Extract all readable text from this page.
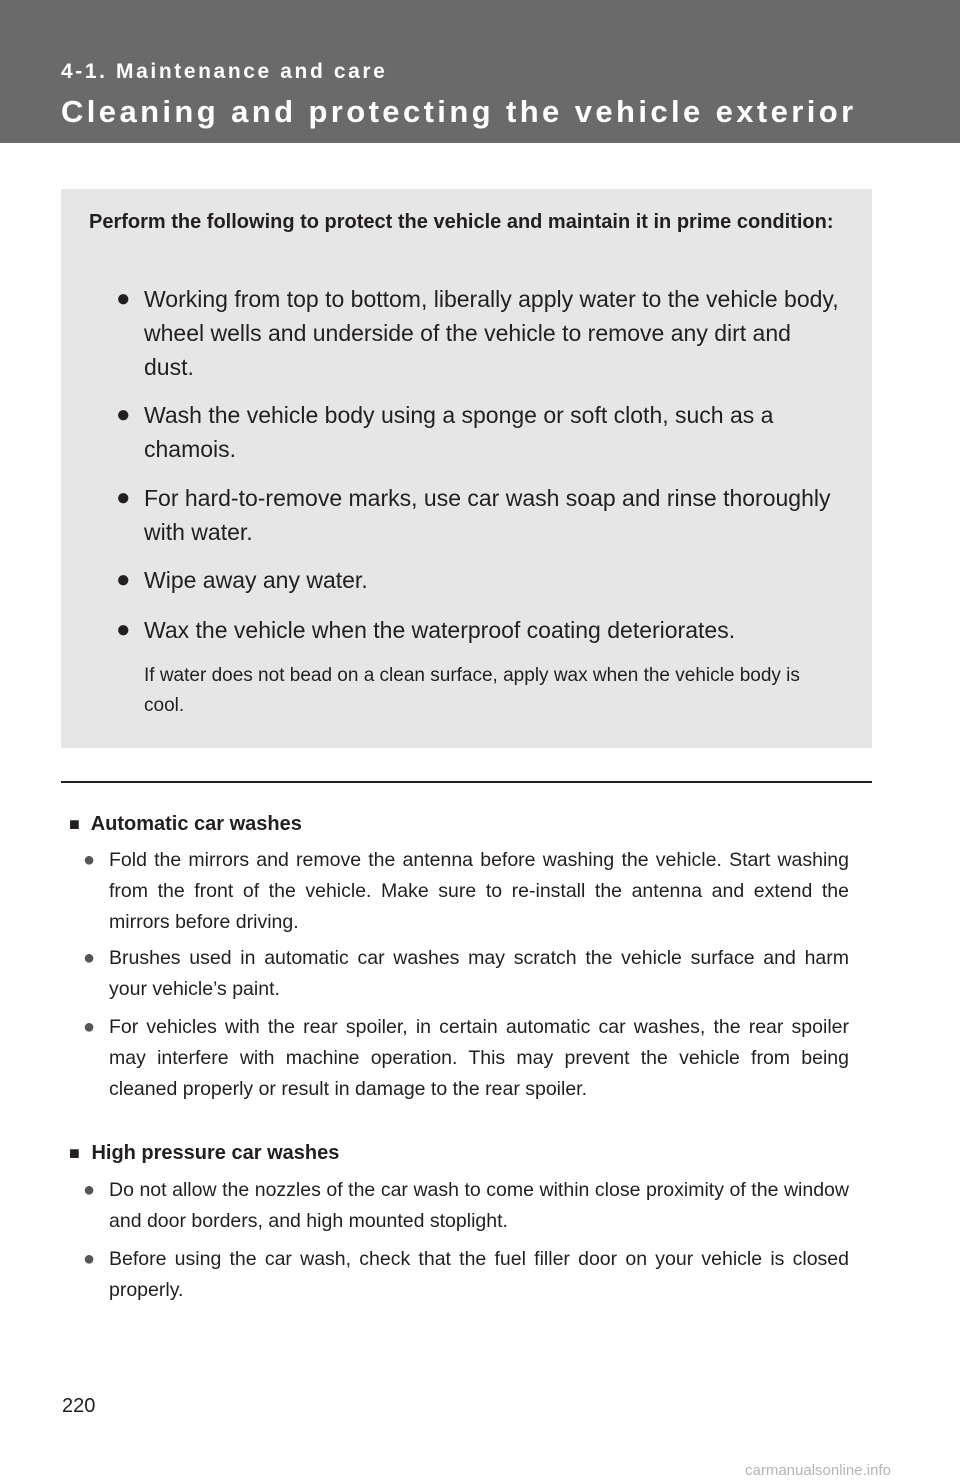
4-1. Maintenance and care
Cleaning and protecting the vehicle exterior
Perform the following to protect the vehicle and maintain it in prime condition:
● Working from top to bottom, liberally apply water to the vehicle body, wheel wells and underside of the vehicle to remove any dirt and dust.
● Wash the vehicle body using a sponge or soft cloth, such as a chamois.
● For hard-to-remove marks, use car wash soap and rinse thoroughly with water.
● Wipe away any water.
● Wax the vehicle when the waterproof coating deteriorates.
If water does not bead on a clean surface, apply wax when the vehicle body is cool.
■ Automatic car washes
● Fold the mirrors and remove the antenna before washing the vehicle. Start washing from the front of the vehicle. Make sure to re-install the antenna and extend the mirrors before driving.
● Brushes used in automatic car washes may scratch the vehicle surface and harm your vehicle’s paint.
● For vehicles with the rear spoiler, in certain automatic car washes, the rear spoiler may interfere with machine operation. This may prevent the vehicle from being cleaned properly or result in damage to the rear spoiler.
■ High pressure car washes
● Do not allow the nozzles of the car wash to come within close proximity of the window and door borders, and high mounted stoplight.
● Before using the car wash, check that the fuel filler door on your vehicle is closed properly.
220
carmanualsonline.info
